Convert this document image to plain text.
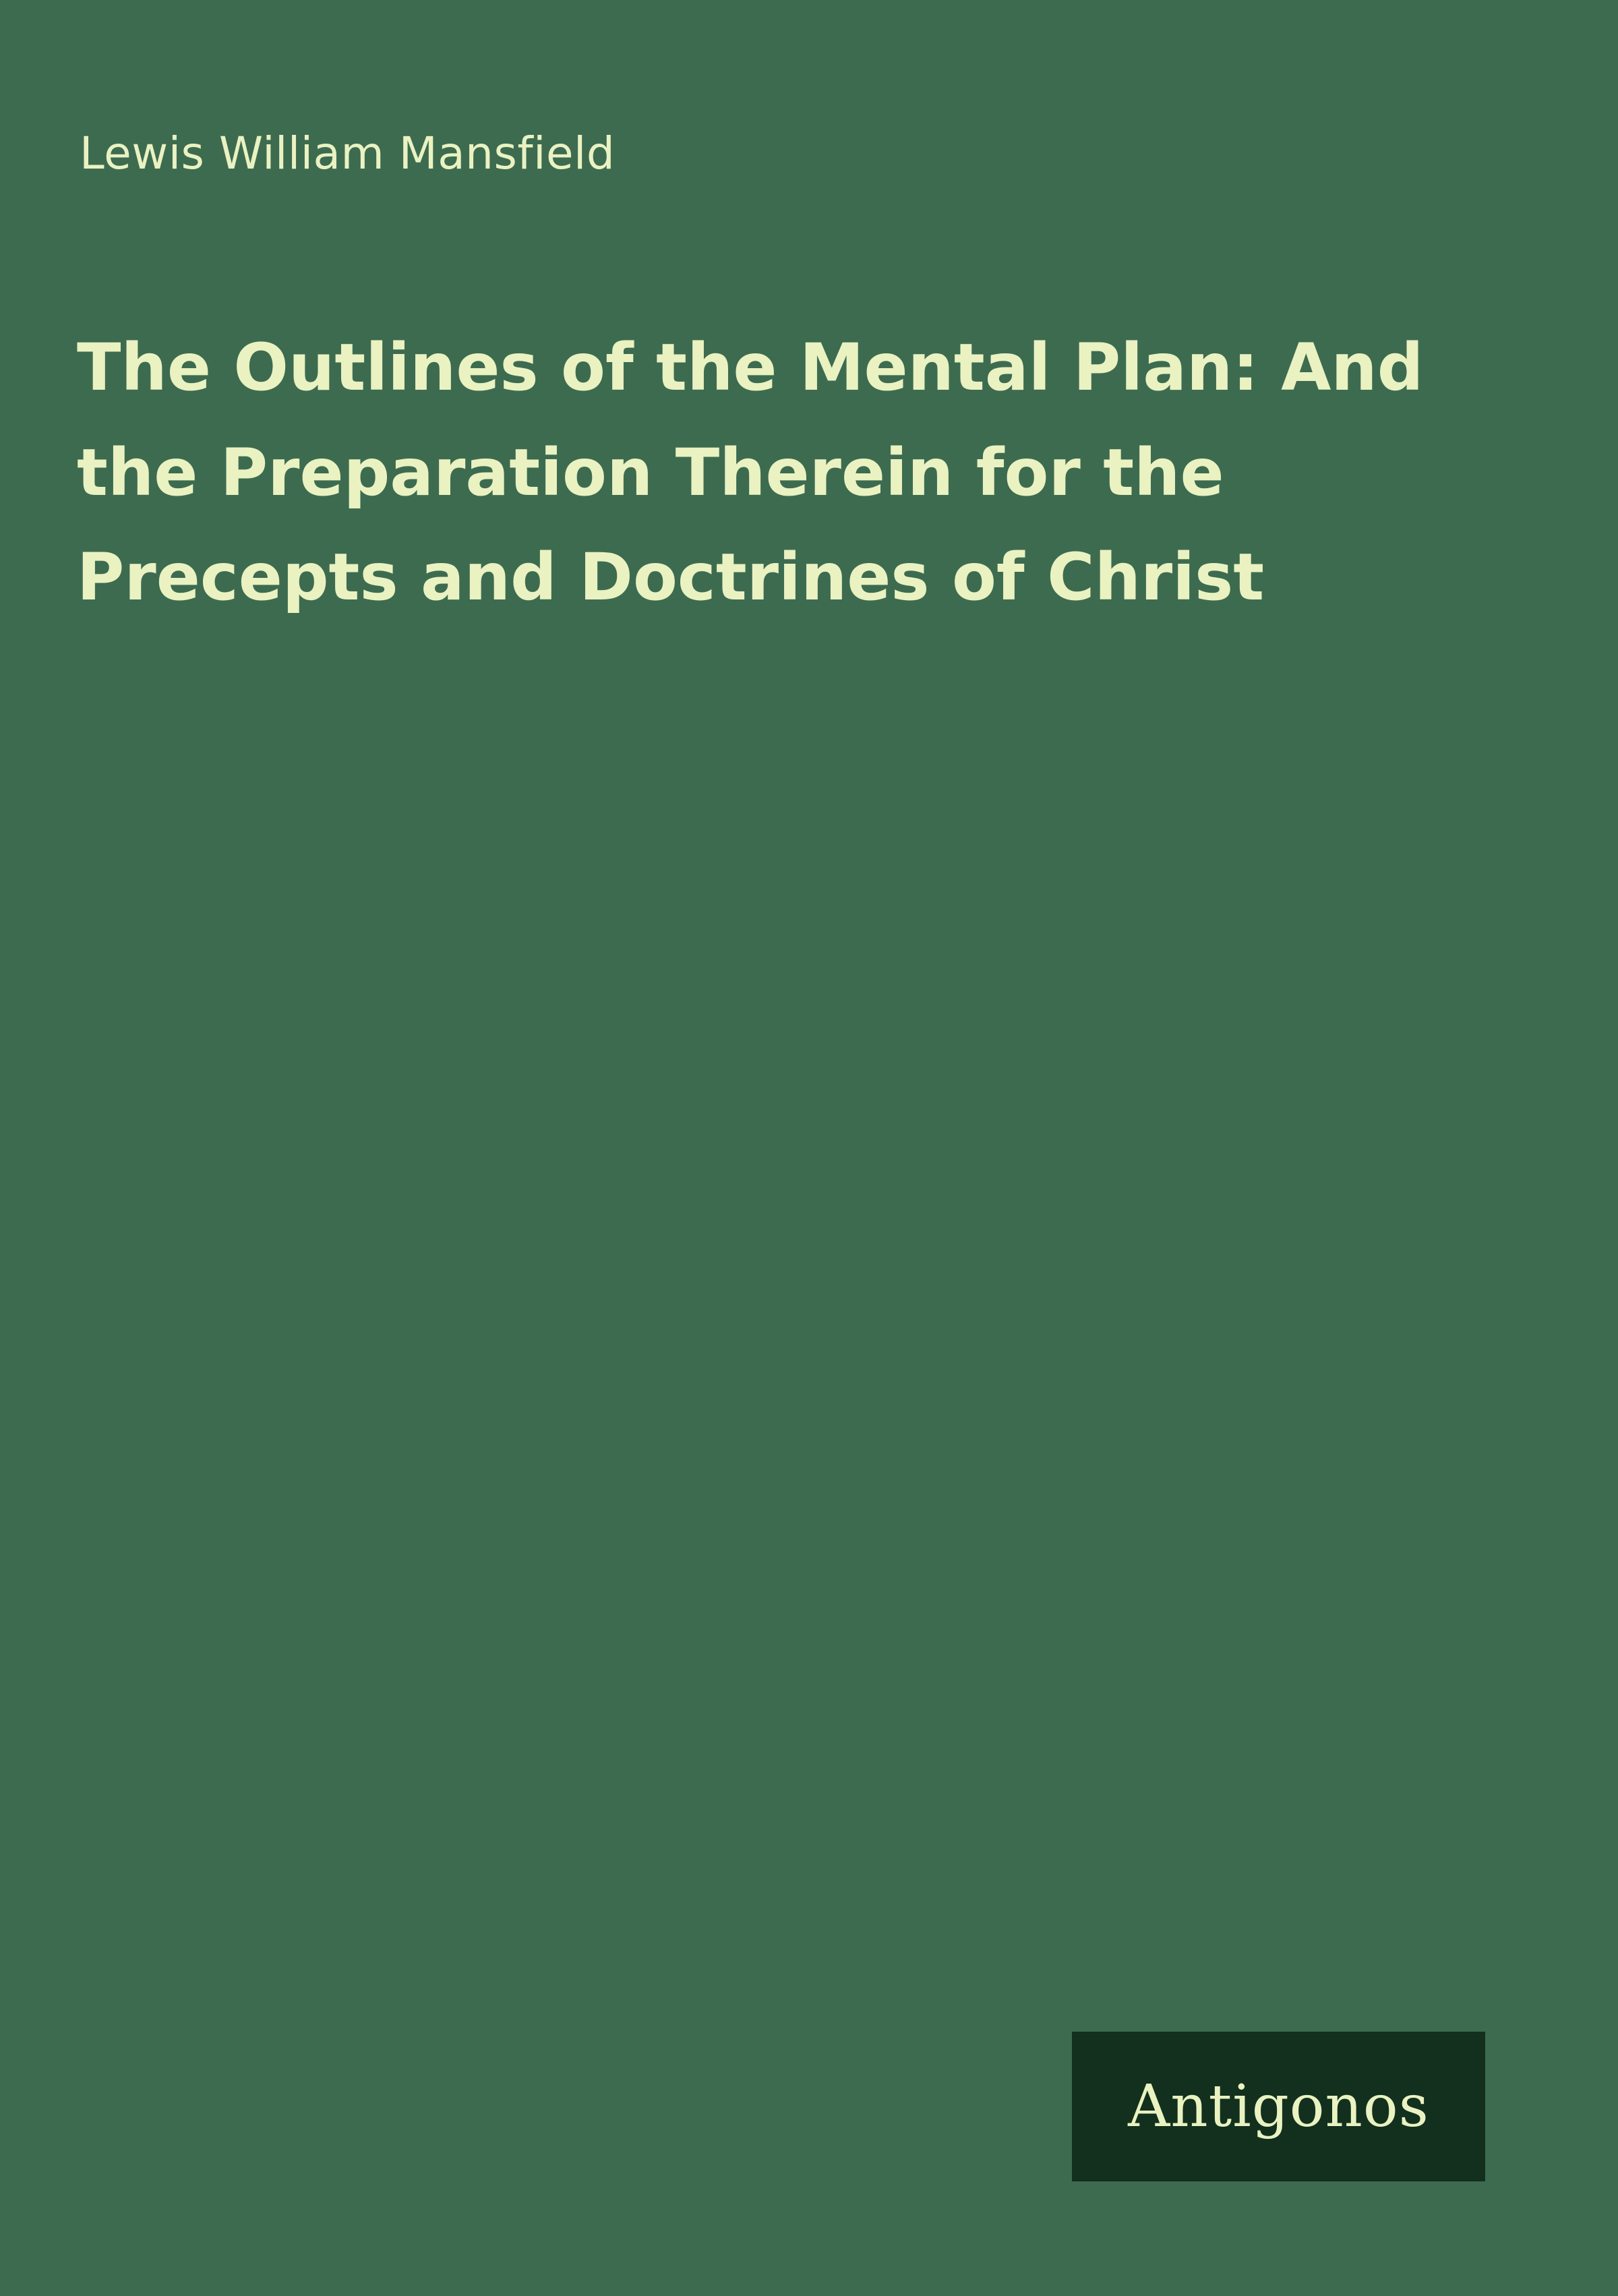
Lewis William Mansfield
The Outlines of the Mental Plan: And the Preparation Therein for the Precepts and Doctrines of Christ
Antigonos
